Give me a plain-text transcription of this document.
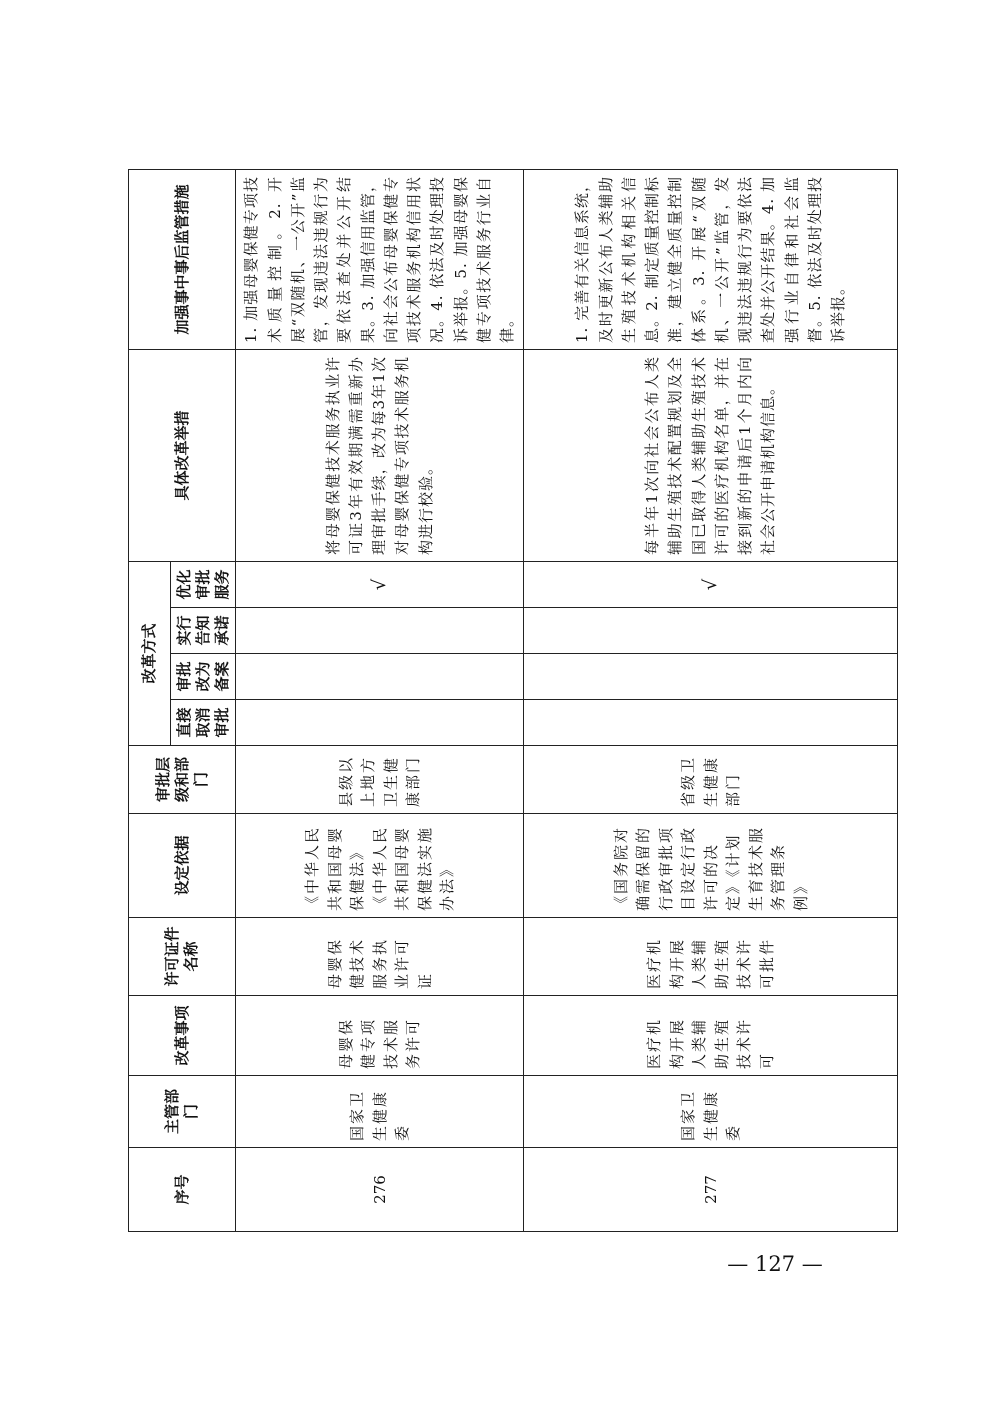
序号	主管部门	改革事项	许可证件名称	设定依据	审批层级和部门	改革方式				具体改革举措	加强事中事后监管措施
						直接取消审批	审批改为备案	实行告知承诺	优化审批服务		
276	国家卫生健康委	母婴保健专项技术服务许可	母婴保健技术服务执业许可证	《中华人民共和国母婴保健法》《中华人民共和国母婴保健法实施办法》	县级以上地方卫生健康部门				√	将母婴保健技术服务执业许可证3年有效期满需重新办理审批手续，改为每3年1次对母婴保健专项技术服务机构进行校验。	1. 加强母婴保健专项技术质量控制。2. 开展“双随机、一公开”监管，发现违法违规行为要依法查处并公开结果。3. 加强信用监管，向社会公布母婴保健专项技术服务机构信用状况。4. 依法及时处理投诉举报。5. 加强母婴保健专项技术服务行业自律。
277	国家卫生健康委	医疗机构开展人类辅助生殖技术许可	医疗机构开展人类辅助生殖技术许可批件	《国务院对确需保留的行政审批项目设定行政许可的决定》《计划生育技术服务管理条例》	省级卫生健康部门				√	每半年1次向社会公布人类辅助生殖技术配置规划及全国已取得人类辅助生殖技术许可的医疗机构名单，并在接到新的申请后1个月内向社会公开申请机构信息。	1. 完善有关信息系统，及时更新公布人类辅助生殖技术机构相关信息。2. 制定质量控制标准，建立健全质量控制体系。3. 开展“双随机、一公开”监管，发现违法违规行为要依法查处并公开结果。4. 加强行业自律和社会监督。5. 依法及时处理投诉举报。
— 127 —
